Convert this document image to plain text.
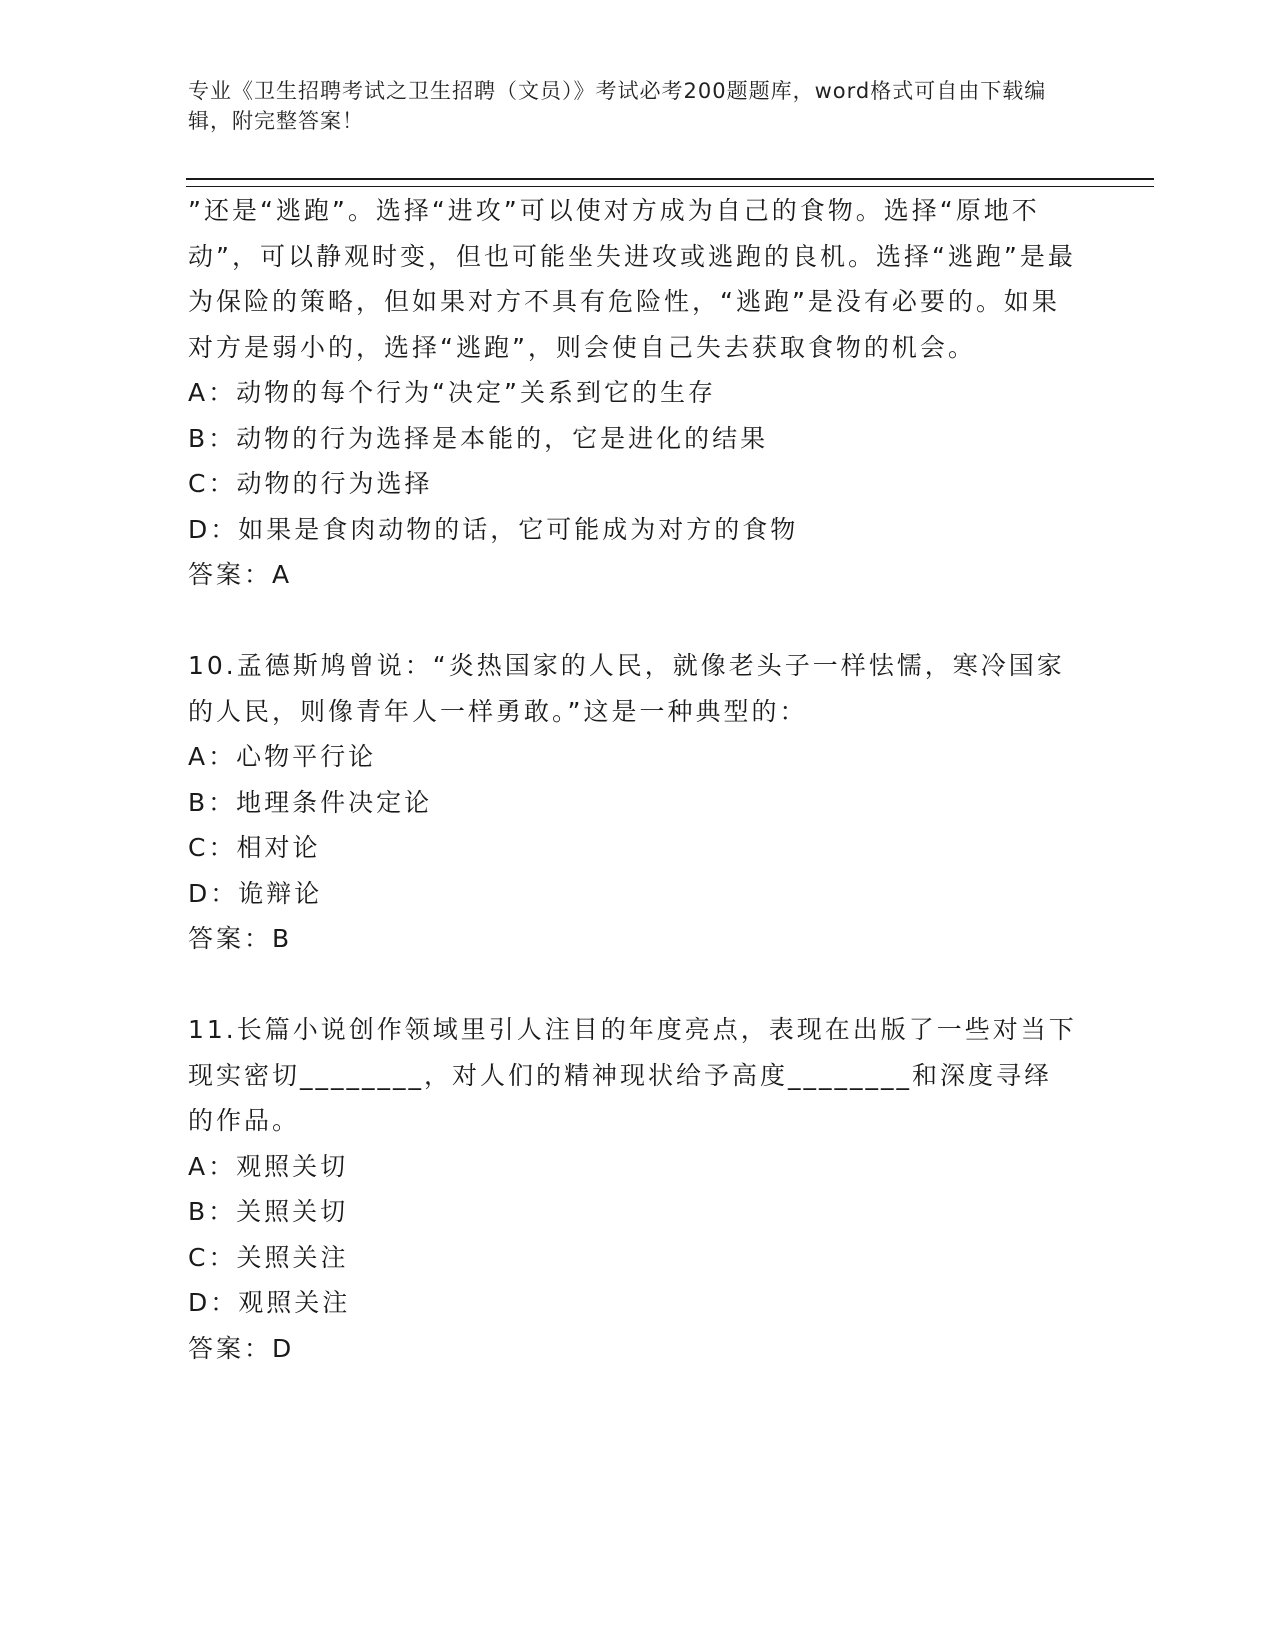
专业《卫生招聘考试之卫生招聘（文员）》考试必考200题题库，word格式可自由下载编辑，附完整答案！

”还是“逃跑”。选择“进攻”可以使对方成为自己的食物。选择“原地不动”，可以静观时变，但也可能坐失进攻或逃跑的良机。选择“逃跑”是最为保险的策略，但如果对方不具有危险性，“逃跑”是没有必要的。如果对方是弱小的，选择“逃跑”，则会使自己失去获取食物的机会。

A：动物的每个行为“决定”关系到它的生存
B：动物的行为选择是本能的，它是进化的结果
C：动物的行为选择
D：如果是食肉动物的话，它可能成为对方的食物
答案：A

10.孟德斯鸠曾说：“炎热国家的人民，就像老头子一样怯懦，寒冷国家的人民，则像青年人一样勇敢。”这是一种典型的：

A：心物平行论
B：地理条件决定论
C：相对论
D：诡辩论
答案：B

11.长篇小说创作领域里引人注目的年度亮点，表现在出版了一些对当下现实密切________，对人们的精神现状给予高度________和深度寻绎的作品。

A：观照关切
B：关照关切
C：关照关注
D：观照关注
答案：D
